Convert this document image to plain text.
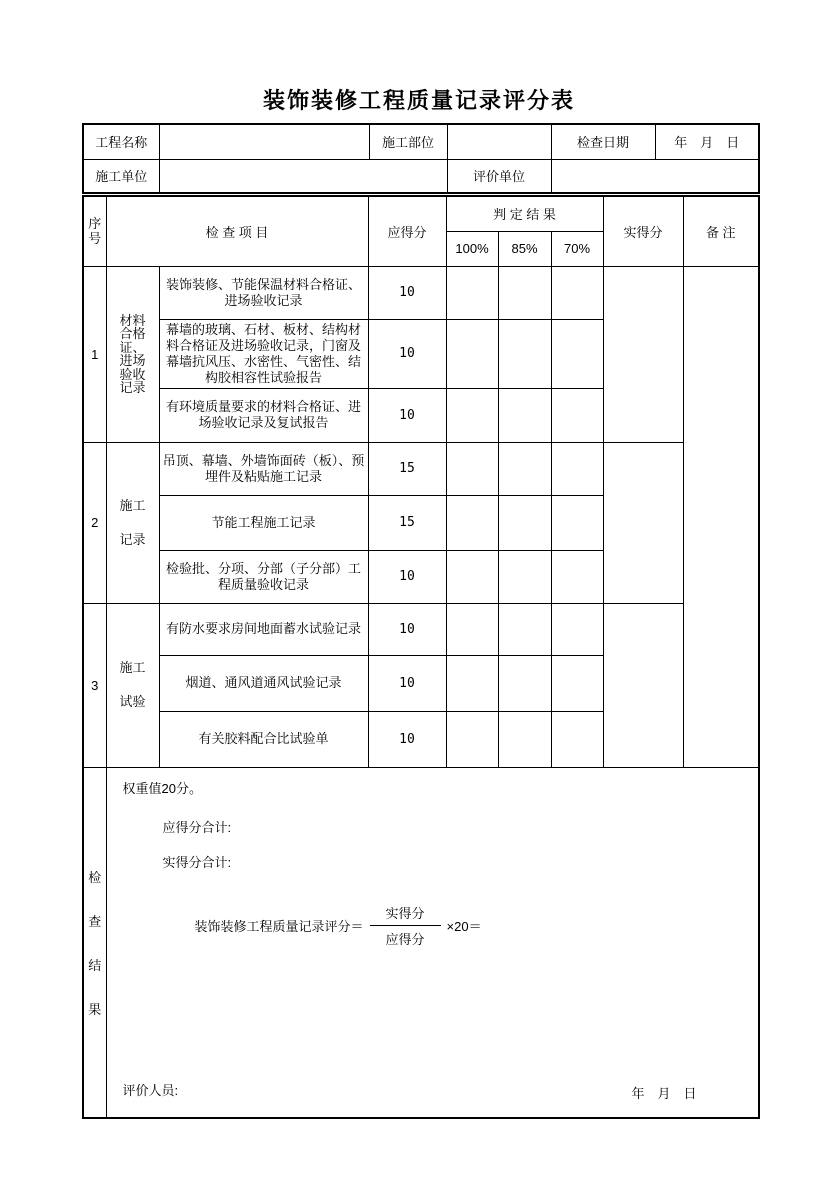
装饰装修工程质量记录评分表
工程名称		施工部位		检查日期	年　月　日
施工单位			评价单位		
序号	检 查 项 目		应得分	判 定 结 果			实得分	备 注
				100%	85%	70%		
1	材料合格证、进场验收记录	装饰装修、节能保温材料合格证、进场验收记录	10					
		幕墙的玻璃、石材、板材、结构材料合格证及进场验收记录，门窗及幕墙抗风压、水密性、气密性、结构胶相容性试验报告	10					
		有环境质量要求的材料合格证、进场验收记录及复试报告	10					
2	施工记录	吊顶、幕墙、外墙饰面砖（板）、预埋件及粘贴施工记录	15					
		节能工程施工记录	15					
		检验批、分项、分部（子分部）工程质量验收记录	10					
3	施工试验	有防水要求房间地面蓄水试验记录	10					
		烟道、通风道通风试验记录	10					
		有关胶料配合比试验单	10					

检
查
结
果

权重值20分。
应得分合计:
实得分合计:
装饰装修工程质量记录评分＝ $\frac{\text{实得分}}{\text{应得分}} \times 20=$
评价人员:	年　月　日
